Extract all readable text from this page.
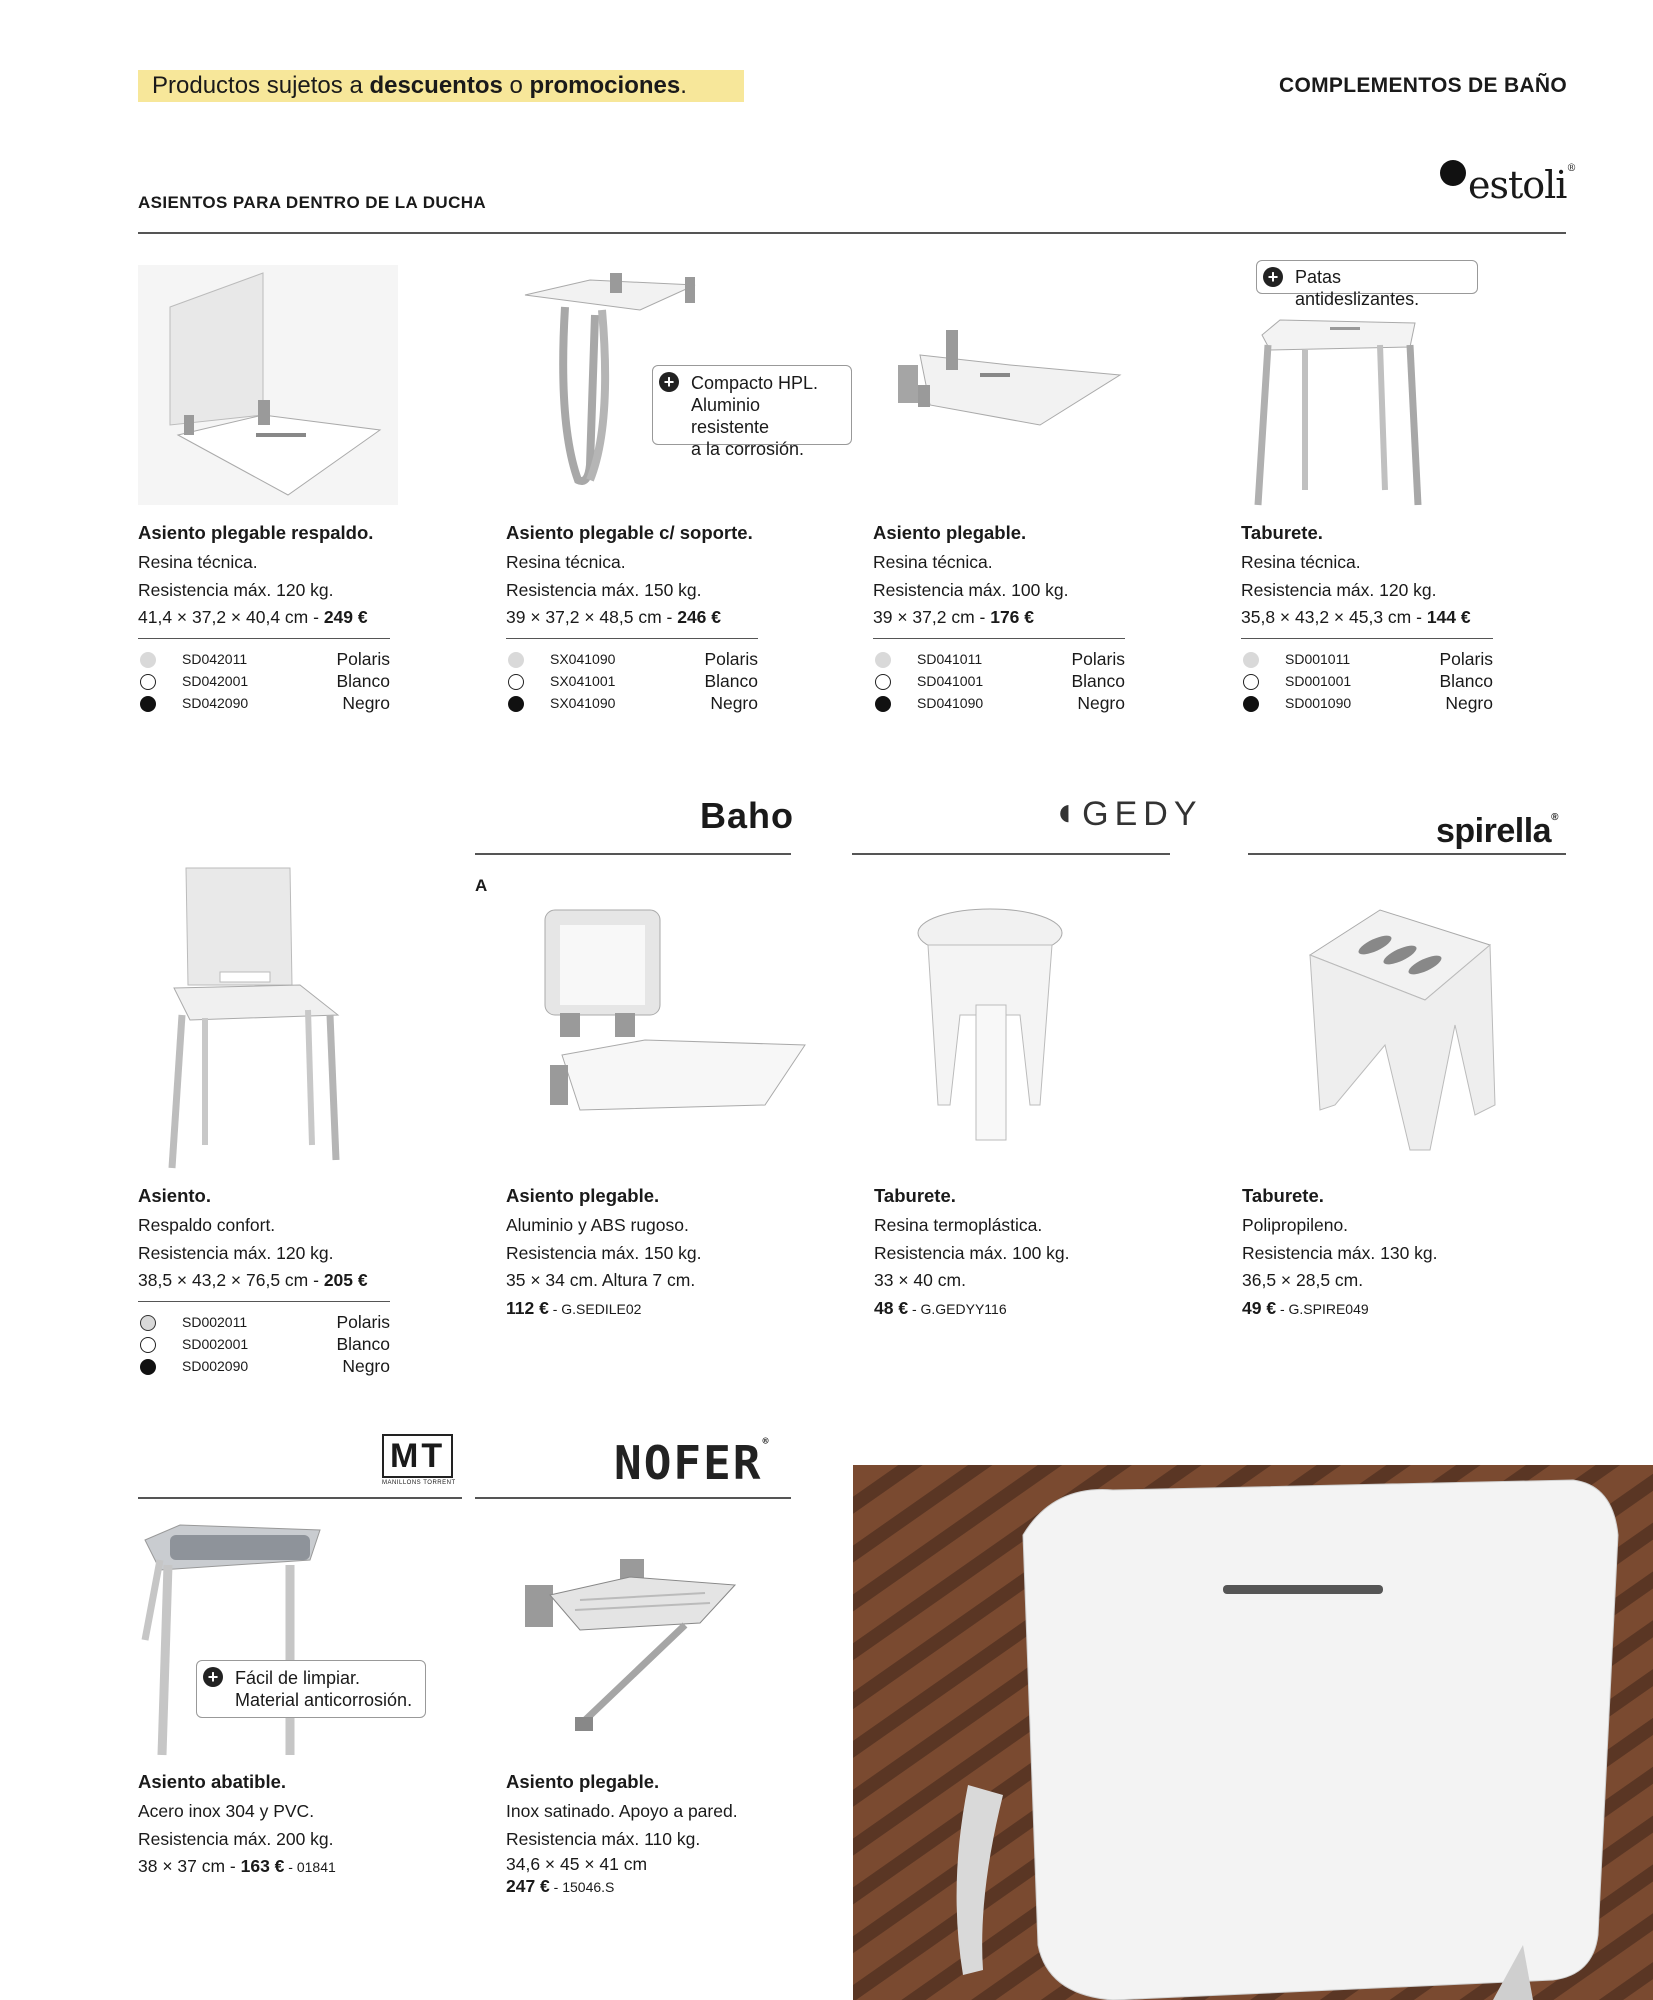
Productos sujetos a descuentos o promociones.	COMPLEMENTOS DE BAÑO
ASIENTOS PARA DENTRO DE LA DUCHA	estoli®
+ Compacto HPL.
Aluminio resistente
a la corrosión.
+ Patas antideslizantes.
Asiento plegable respaldo.
Resina técnica.
Resistencia máx. 120 kg.
41,4 × 37,2 × 40,4 cm - 249 €
SD042011	Polaris
SD042001	Blanco
SD042090	Negro
Asiento plegable c/ soporte.
Resina técnica.
Resistencia máx. 150 kg.
39 × 37,2 × 48,5 cm - 246 €
SX041090	Polaris
SX041001	Blanco
SX041090	Negro
Asiento plegable.
Resina técnica.
Resistencia máx. 100 kg.
39 × 37,2 cm - 176 €
SD041011	Polaris
SD041001	Blanco
SD041090	Negro
Taburete.
Resina técnica.
Resistencia máx. 120 kg.
35,8 × 43,2 × 45,3 cm - 144 €
SD001011	Polaris
SD001001	Blanco
SD001090	Negro
Baho	◖GEDY	spirella®
A
Asiento.
Respaldo confort.
Resistencia máx. 120 kg.
38,5 × 43,2 × 76,5 cm - 205 €
SD002011	Polaris
SD002001	Blanco
SD002090	Negro
Asiento plegable.
Aluminio y ABS rugoso.
Resistencia máx. 150 kg.
35 × 34 cm. Altura 7 cm.
112 € - G.SEDILE02
Taburete.
Resina termoplástica.
Resistencia máx. 100 kg.
33 × 40 cm.
48 € - G.GEDYY116
Taburete.
Polipropileno.
Resistencia máx. 130 kg.
36,5 × 28,5 cm.
49 € - G.SPIRE049
MT
MANILLONS TORRENT	NOFER®
+ Fácil de limpiar.
Material anticorrosión.
Asiento abatible.
Acero inox 304 y PVC.
Resistencia máx. 200 kg.
38 × 37 cm - 163 € - 01841
Asiento plegable.
Inox satinado. Apoyo a pared.
Resistencia máx. 110 kg.
34,6 × 45 × 41 cm
247 € - 15046.S
